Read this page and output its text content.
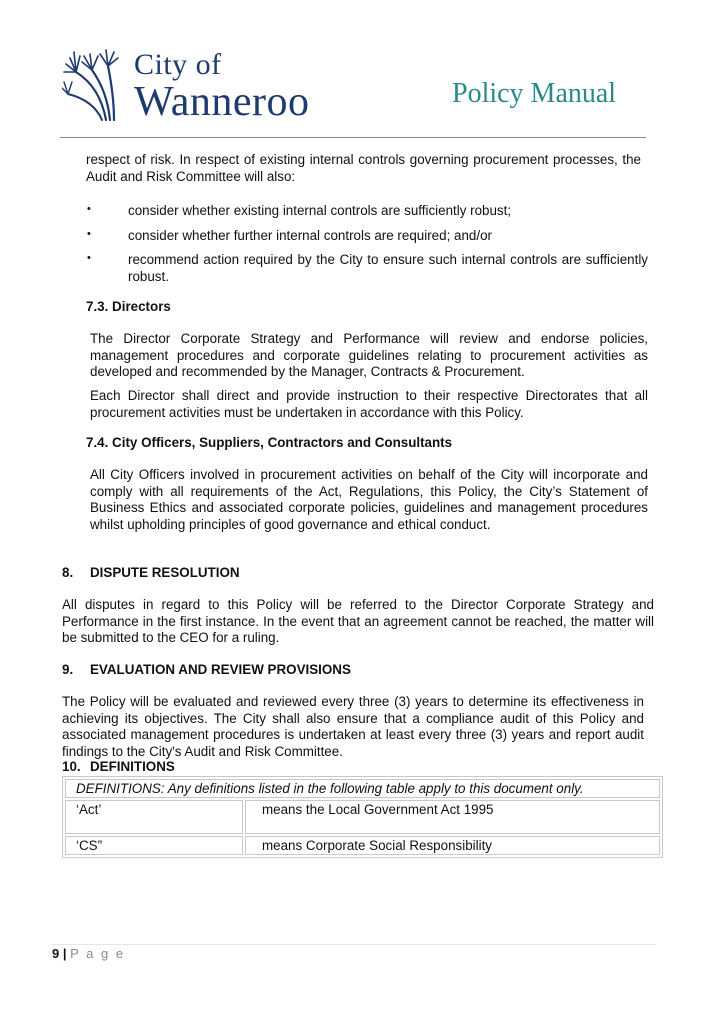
City of
Wanneroo	Policy Manual

respect of risk. In respect of existing internal controls governing procurement processes, the Audit and Risk Committee will also:

•	consider whether existing internal controls are sufficiently robust;
•	consider whether further internal controls are required; and/or
•	recommend action required by the City to ensure such internal controls are sufficiently robust.
7.3. Directors

The Director Corporate Strategy and Performance will review and endorse policies, management procedures and corporate guidelines relating to procurement activities as developed and recommended by the Manager, Contracts & Procurement.

Each Director shall direct and provide instruction to their respective Directorates that all procurement activities must be undertaken in accordance with this Policy.

7.4. City Officers, Suppliers, Contractors and Consultants

All City Officers involved in procurement activities on behalf of the City will incorporate and comply with all requirements of the Act, Regulations, this Policy, the City’s Statement of Business Ethics and associated corporate policies, guidelines and management procedures whilst upholding principles of good governance and ethical conduct.

8. DISPUTE RESOLUTION

All disputes in regard to this Policy will be referred to the Director Corporate Strategy and Performance in the first instance. In the event that an agreement cannot be reached, the matter will be submitted to the CEO for a ruling.

9. EVALUATION AND REVIEW PROVISIONS

The Policy will be evaluated and reviewed every three (3) years to determine its effectiveness in achieving its objectives. The City shall also ensure that a compliance audit of this Policy and associated management procedures is undertaken at least every three (3) years and report audit findings to the City's Audit and Risk Committee.

10. DEFINITIONS
DEFINITIONS: Any definitions listed in the following table apply to this document only.	
‘Act’	means the Local Government Act 1995
‘CS”	means Corporate Social Responsibility
9 | P a g e
